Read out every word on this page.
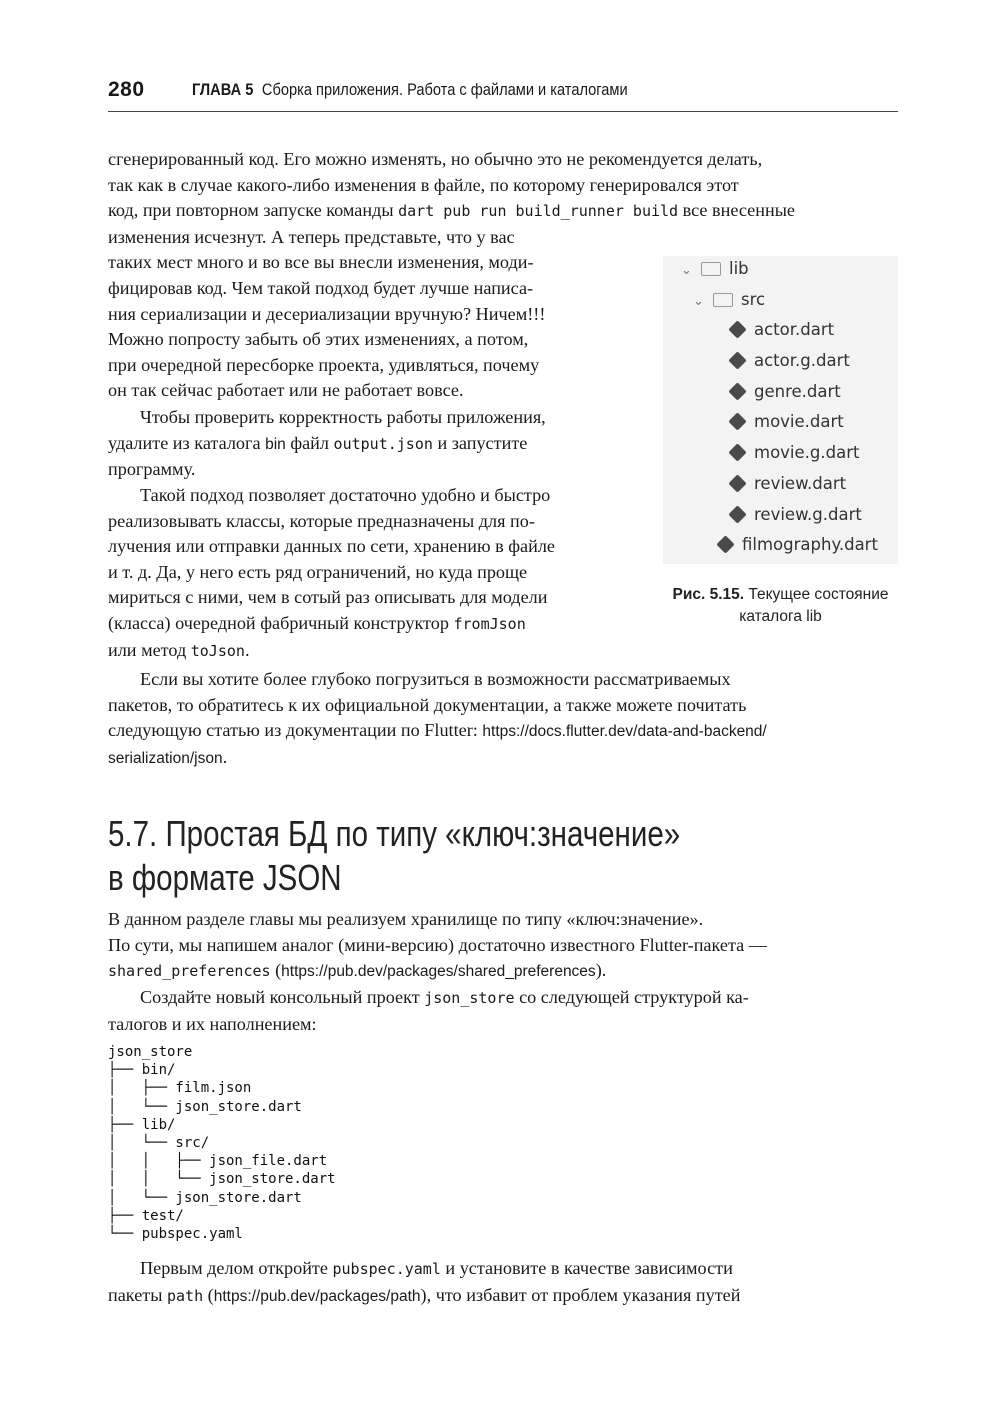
280	ГЛАВА 5 Сборка приложения. Работа с файлами и каталогами
сгенерированный код. Его можно изменять, но обычно это не рекомендуется делать,
так как в случае какого-либо изменения в файле, по которому генерировался этот
код, при повторном запуске команды dart pub run build_runner build все внесенные
изменения исчезнут. А теперь представьте, что у вас
таких мест много и во все вы внесли изменения, моди-
фицировав код. Чем такой подход будет лучше написа-
ния сериализации и десериализации вручную? Ничем!!!
Можно попросту забыть об этих изменениях, а потом,
при очередной пересборке проекта, удивляться, почему
он так сейчас работает или не работает вовсе.
Чтобы проверить корректность работы приложения,
удалите из каталога bin файл output.json и запустите
программу.
Такой подход позволяет достаточно удобно и быстро
реализовывать классы, которые предназначены для по-
лучения или отправки данных по сети, хранению в файле
и т. д. Да, у него есть ряд ограничений, но куда проще
мириться с ними, чем в сотый раз описывать для модели
(класса) очередной фабричный конструктор fromJson
или метод toJson.
⌄ lib
⌄ src
actor.dart
actor.g.dart
genre.dart
movie.dart
movie.g.dart
review.dart
review.g.dart
filmography.dart
Рис. 5.15. Текущее состояние
каталога lib
Если вы хотите более глубоко погрузиться в возможности рассматриваемых
пакетов, то обратитесь к их официальной документации, а также можете почитать
следующую статью из документации по Flutter: https://docs.flutter.dev/data-and-backend/
serialization/json.
5.7. Простая БД по типу «ключ:значение»
в формате JSON
В данном разделе главы мы реализуем хранилище по типу «ключ:значение».
По сути, мы напишем аналог (мини-версию) достаточно известного Flutter-пакета —
shared_preferences (https://pub.dev/packages/shared_preferences).
Создайте новый консольный проект json_store со следующей структурой ка-
талогов и их наполнением:
json_store
├── bin/
│   ├── film.json
│   └── json_store.dart
├── lib/
│   └── src/
│   │   ├── json_file.dart
│   │   └── json_store.dart
│   └── json_store.dart
├── test/
└── pubspec.yaml
Первым делом откройте pubspec.yaml и установите в качестве зависимости
пакеты path (https://pub.dev/packages/path), что избавит от проблем указания путей
